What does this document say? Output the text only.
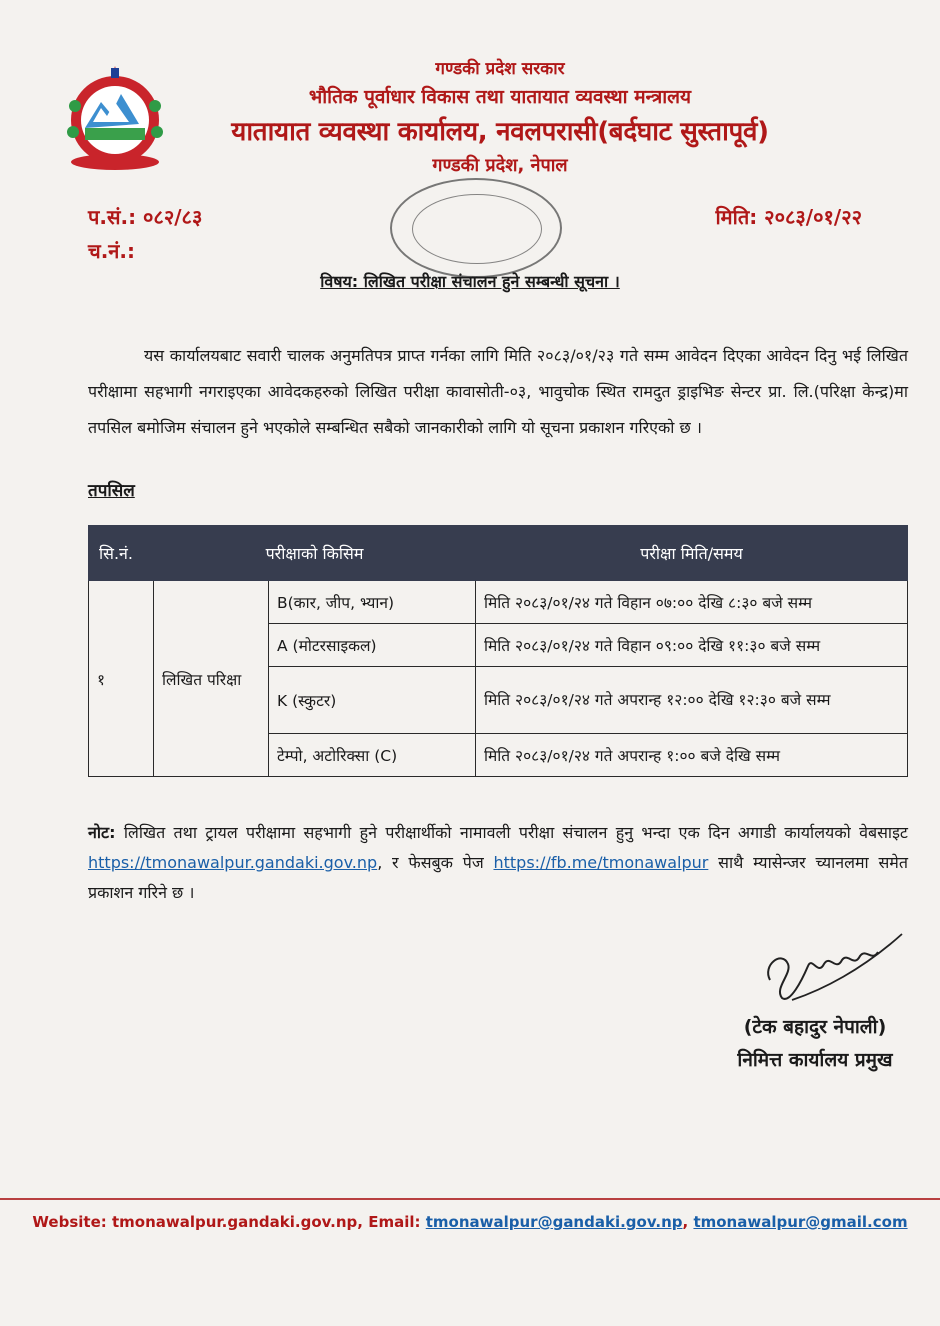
गण्डकी प्रदेश सरकार
भौतिक पूर्वाधार विकास तथा यातायात व्यवस्था मन्त्रालय
यातायात व्यवस्था कार्यालय, नवलपरासी(बर्दघाट सुस्तापूर्व)
गण्डकी प्रदेश, नेपाल
प.सं.: ०८२/८३
च.नं.:
मिति: २०८३/०१/२२
विषय: लिखित परीक्षा संचालन हुने सम्बन्धी सूचना ।
यस कार्यालयबाट सवारी चालक अनुमतिपत्र प्राप्त गर्नका लागि मिति २०८३/०१/२३ गते सम्म आवेदन दिएका आवेदन दिनु भई लिखित परीक्षामा सहभागी नगराइएका आवेदकहरुको लिखित परीक्षा कावासोती-०३, भावुचोक स्थित रामदुत ड्राइभिङ सेन्टर प्रा. लि.(परिक्षा केन्द्र)मा तपसिल बमोजिम संचालन हुने भएकोले सम्बन्धित सबैको जानकारीको लागि यो सूचना प्रकाशन गरिएको छ ।
तपसिल
सि.नं.	परीक्षाको किसिम		परीक्षा मिति/समय
१	लिखित परिक्षा	B(कार, जीप, भ्यान)	मिति २०८३/०१/२४ गते विहान ०७:०० देखि ८:३० बजे सम्म
		A (मोटरसाइकल)	मिति २०८३/०१/२४ गते विहान ०९:०० देखि ११:३० बजे सम्म
		K (स्कुटर)	मिति २०८३/०१/२४ गते अपरान्ह १२:०० देखि १२:३० बजे सम्म
		टेम्पो, अटोरिक्सा (C)	मिति २०८३/०१/२४ गते अपरान्ह १:०० बजे देखि सम्म
नोट: लिखित तथा ट्रायल परीक्षामा सहभागी हुने परीक्षार्थीको नामावली परीक्षा संचालन हुनु भन्दा एक दिन अगाडी कार्यालयको वेबसाइट https://tmonawalpur.gandaki.gov.np, र फेसबुक पेज https://fb.me/tmonawalpur साथै म्यासेन्जर च्यानलमा समेत प्रकाशन गरिने छ ।
(टेक बहादुर नेपाली)
निमित्त कार्यालय प्रमुख
Website: tmonawalpur.gandaki.gov.np, Email: tmonawalpur@gandaki.gov.np, tmonawalpur@gmail.com
